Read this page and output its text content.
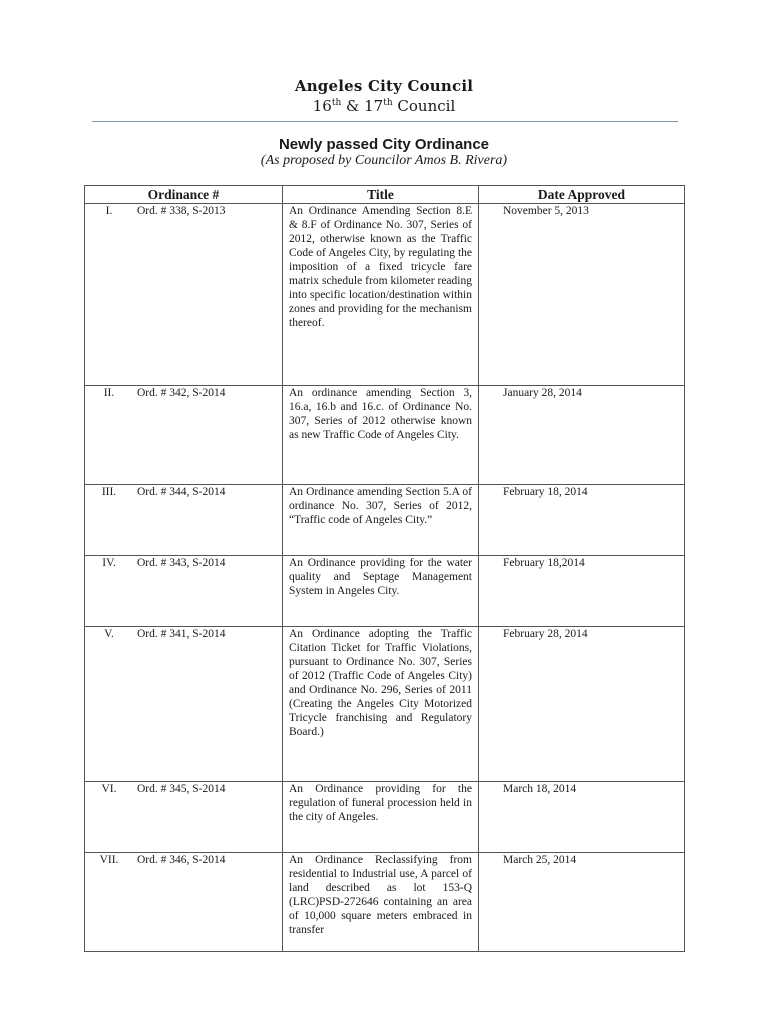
Angeles City Council
16th & 17th Council
Newly passed City Ordinance
(As proposed by Councilor Amos B. Rivera)
Ordinance #	Title	Date Approved

I. Ord. # 338, S-2013	An Ordinance Amending Section 8.E & 8.F of Ordinance No. 307, Series of 2012, otherwise known as the Traffic Code of Angeles City, by regulating the imposition of a fixed tricycle fare matrix schedule from kilometer reading into specific location/destination within zones and providing for the mechanism thereof.	November 5, 2013

II. Ord. # 342, S-2014	An ordinance amending Section 3, 16.a, 16.b and 16.c. of Ordinance No. 307, Series of 2012 otherwise known as new Traffic Code of Angeles City.	January 28, 2014

III. Ord. # 344, S-2014	An Ordinance amending Section 5.A of ordinance No. 307, Series of 2012, “Traffic code of Angeles City.”	February 18, 2014

IV. Ord. # 343, S-2014	An Ordinance providing for the water quality and Septage Management System in Angeles City.	February 18,2014

V. Ord. # 341, S-2014	An Ordinance adopting the Traffic Citation Ticket for Traffic Violations, pursuant to Ordinance No. 307, Series of 2012 (Traffic Code of Angeles City) and Ordinance No. 296, Series of 2011 (Creating the Angeles City Motorized Tricycle franchising and Regulatory Board.)	February 28, 2014

VI. Ord. # 345, S-2014	An Ordinance providing for the regulation of funeral procession held in the city of Angeles.	March 18, 2014

VII. Ord. # 346, S-2014	An Ordinance Reclassifying from residential to Industrial use, A parcel of land described as lot 153-Q (LRC)PSD-272646 containing an area of 10,000 square meters embraced in transfer	March 25, 2014
